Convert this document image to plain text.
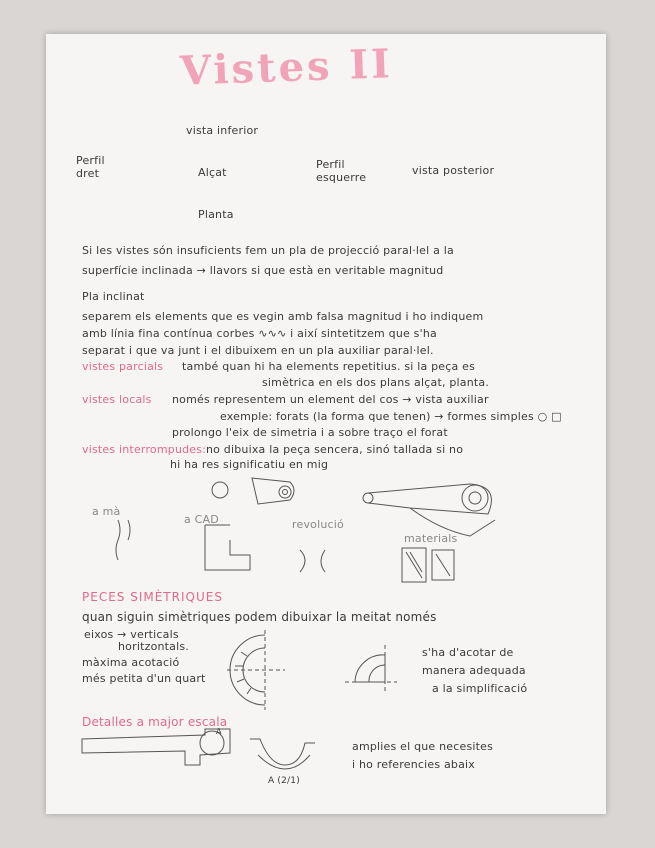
Vistes II
vista inferior
Perfil
dret	Alçat
Perfil
esquerre
vista posterior
Planta
Si les vistes són insuficients fem un pla de projecció paral·lel a la
superfície inclinada → llavors si que està en veritable magnitud
Pla inclinat
separem els elements que es vegin amb falsa magnitud i ho indiquem
amb línia fina contínua corbes ∿∿∿ i així sintetitzem que s'ha
separat i que va junt i el dibuixem en un pla auxiliar paral·lel.
vistes parcials també quan hi ha elements repetitius. si la peça es
simètrica en els dos plans alçat, planta.
vistes locals només representem un element del cos → vista auxiliar
exemple: forats (la forma que tenen) → formes simples ○ □
prolongo l'eix de simetria i a sobre traço el forat
vistes interrompudes: no dibuixa la peça sencera, sinó tallada si no
hi ha res significatiu en mig
a mà
a CAD	revolució
materials
PECES SIMÈTRIQUES
quan siguin simètriques podem dibuixar la meitat només
eixos → verticals
horitzontals.
màxima acotació
més petita d'un quart
s'ha d'acotar de
manera adequada
a la simplificació
Detalles a major escala
A
A (2/1)
amplies el que necesites
i ho referencies abaix
